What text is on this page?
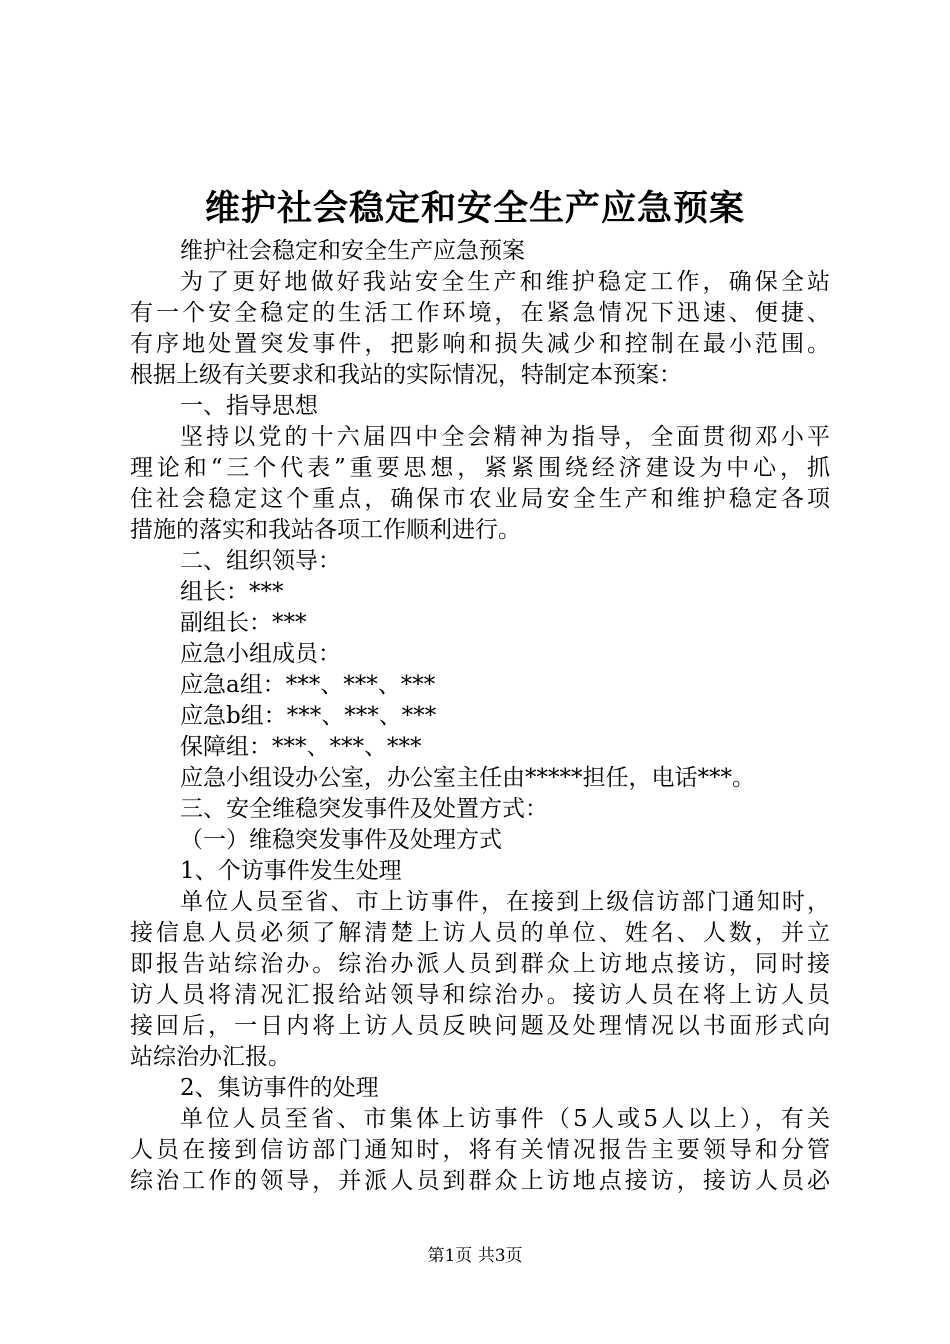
维护社会稳定和安全生产应急预案
维护社会稳定和安全生产应急预案
为了更好地做好我站安全生产和维护稳定工作，确保全站
有一个安全稳定的生活工作环境，在紧急情况下迅速、便捷、
有序地处置突发事件，把影响和损失减少和控制在最小范围。
根据上级有关要求和我站的实际情况，特制定本预案：
一、指导思想
坚持以党的十六届四中全会精神为指导，全面贯彻邓小平
理论和“三个代表”重要思想，紧紧围绕经济建设为中心，抓
住社会稳定这个重点，确保市农业局安全生产和维护稳定各项
措施的落实和我站各项工作顺利进行。
二、组织领导：
组长：***
副组长：***
应急小组成员：
应急a组：***、***、***
应急b组：***、***、***
保障组：***、***、***
应急小组设办公室，办公室主任由*****担任，电话***。
三、安全维稳突发事件及处置方式：
（一）维稳突发事件及处理方式
1、个访事件发生处理
单位人员至省、市上访事件，在接到上级信访部门通知时，
接信息人员必须了解清楚上访人员的单位、姓名、人数，并立
即报告站综治办。综治办派人员到群众上访地点接访，同时接
访人员将清况汇报给站领导和综治办。接访人员在将上访人员
接回后，一日内将上访人员反映问题及处理情况以书面形式向
站综治办汇报。
2、集访事件的处理
单位人员至省、市集体上访事件（5人或5人以上），有关
人员在接到信访部门通知时，将有关情况报告主要领导和分管
综治工作的领导，并派人员到群众上访地点接访，接访人员必
第1页 共3页
